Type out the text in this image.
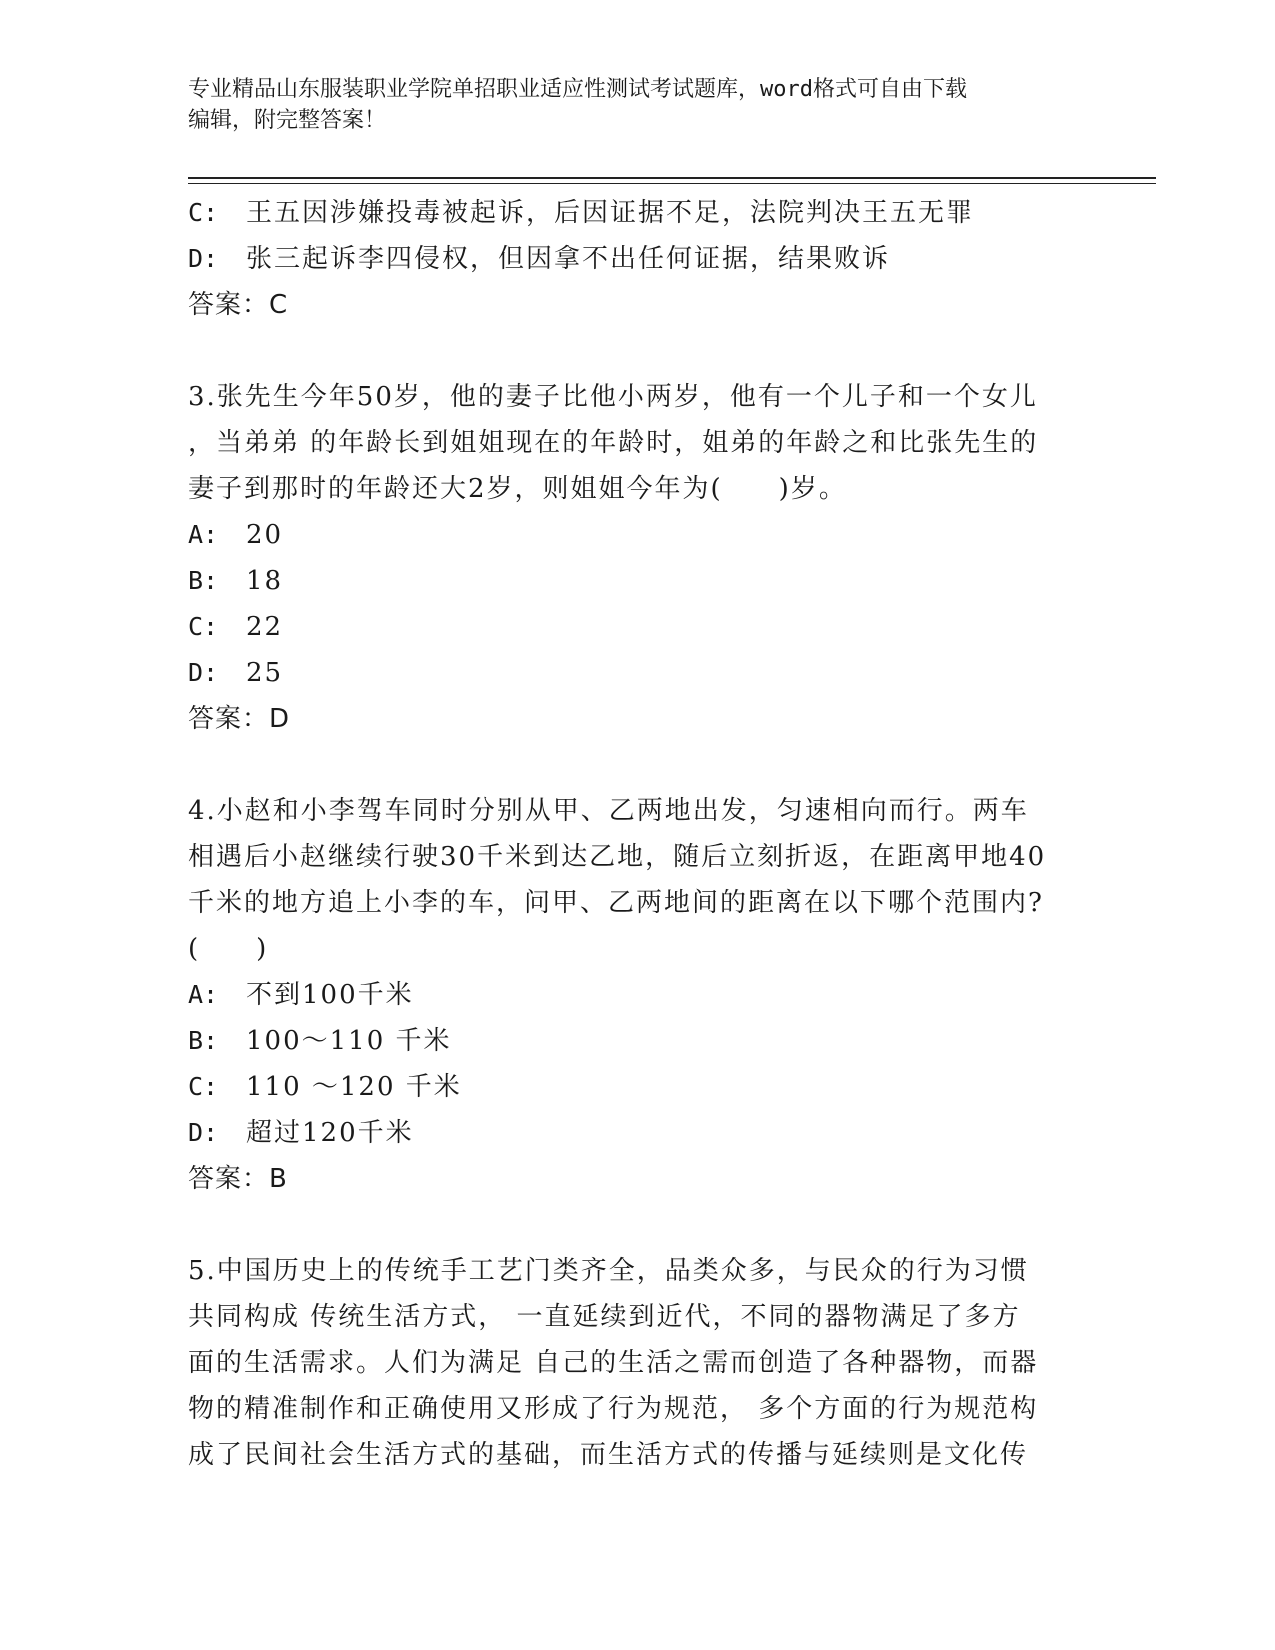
专业精品山东服装职业学院单招职业适应性测试考试题库，word格式可自由下载
编辑，附完整答案！
C: 王五因涉嫌投毒被起诉，后因证据不足，法院判决王五无罪
D: 张三起诉李四侵权，但因拿不出任何证据，结果败诉
答案：C
3.张先生今年50岁，他的妻子比他小两岁，他有一个儿子和一个女儿
，当弟弟 的年龄长到姐姐现在的年龄时，姐弟的年龄之和比张先生的
妻子到那时的年龄还大2岁，则姐姐今年为(　　)岁。
A: 20
B: 18
C: 22
D: 25
答案：D
4.小赵和小李驾车同时分别从甲、乙两地出发，匀速相向而行。两车
相遇后小赵继续行驶30千米到达乙地，随后立刻折返，在距离甲地40
千米的地方追上小李的车，问甲、乙两地间的距离在以下哪个范围内?
(　　)
A: 不到100千米
B: 100～110 千米
C: 110 ～120 千米
D: 超过120千米
答案：B
5.中国历史上的传统手工艺门类齐全，品类众多，与民众的行为习惯
共同构成 传统生活方式， 一直延续到近代，不同的器物满足了多方
面的生活需求。人们为满足 自己的生活之需而创造了各种器物，而器
物的精准制作和正确使用又形成了行为规范， 多个方面的行为规范构
成了民间社会生活方式的基础，而生活方式的传播与延续则是文化传
